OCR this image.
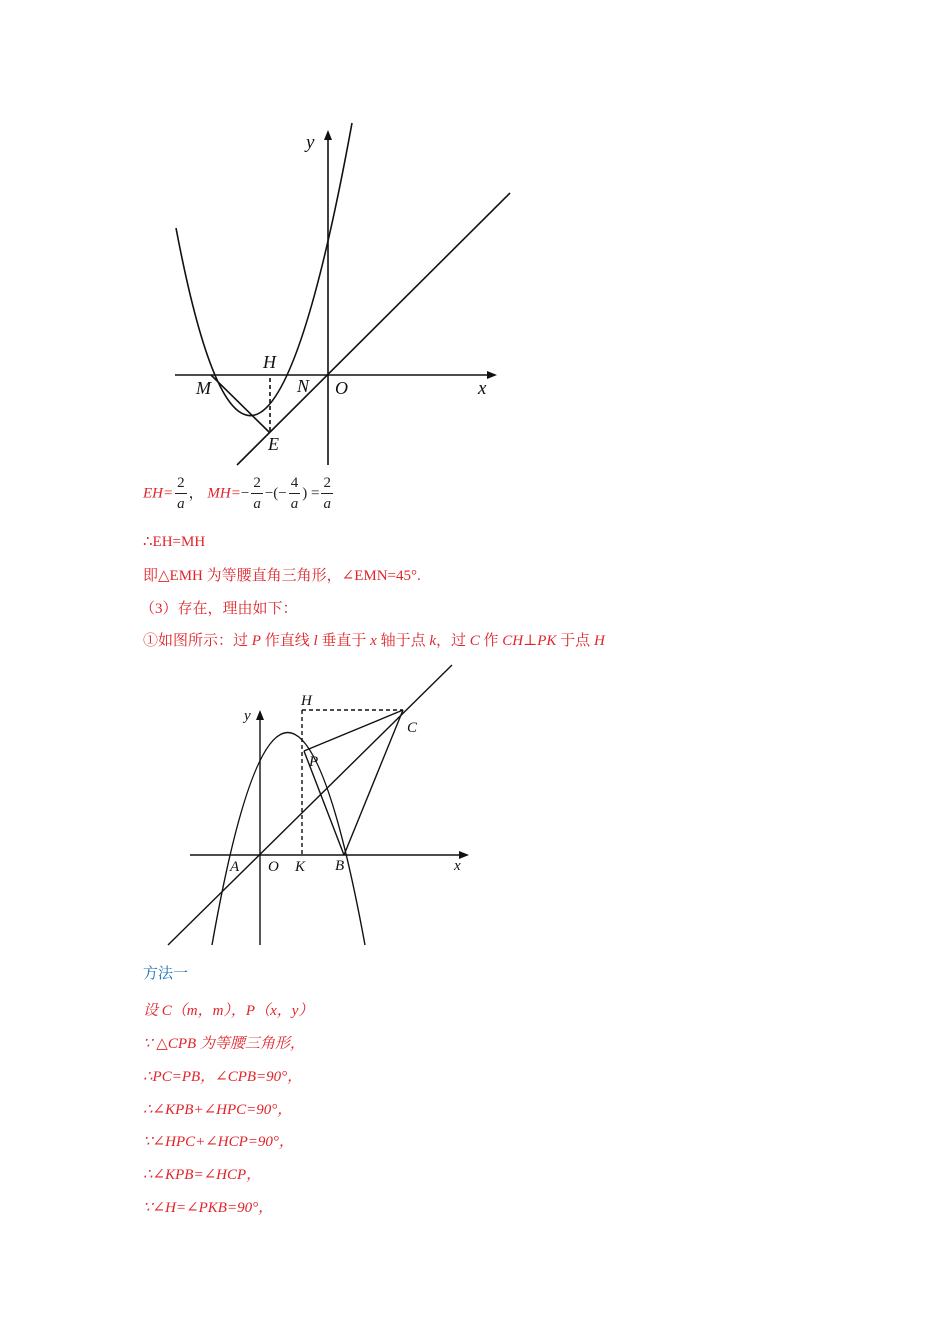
y
x
H
M	N O
E
$EH= \frac{2}{a}$ ， $MH=- \frac{2}{a}$ −(− $\frac{4}{a}$ ) = $\frac{2}{a}$
∴EH=MH
即△EMH 为等腰直角三角形，∠EMN=45°.
（3）存在，理由如下：
①如图所示：过 P 作直线 l 垂直于 x 轴于点 k，过 C 作 CH⊥PK 于点 H
H
y
C
P
A O K B	x
方法一
设 C（m，m），P（x，y）
∵ △CPB 为等腰三角形，
∴PC=PB，∠CPB=90°，
∴∠KPB+∠HPC=90°，
∵∠HPC+∠HCP=90°，
∴∠KPB=∠HCP，
∵∠H=∠PKB=90°，
